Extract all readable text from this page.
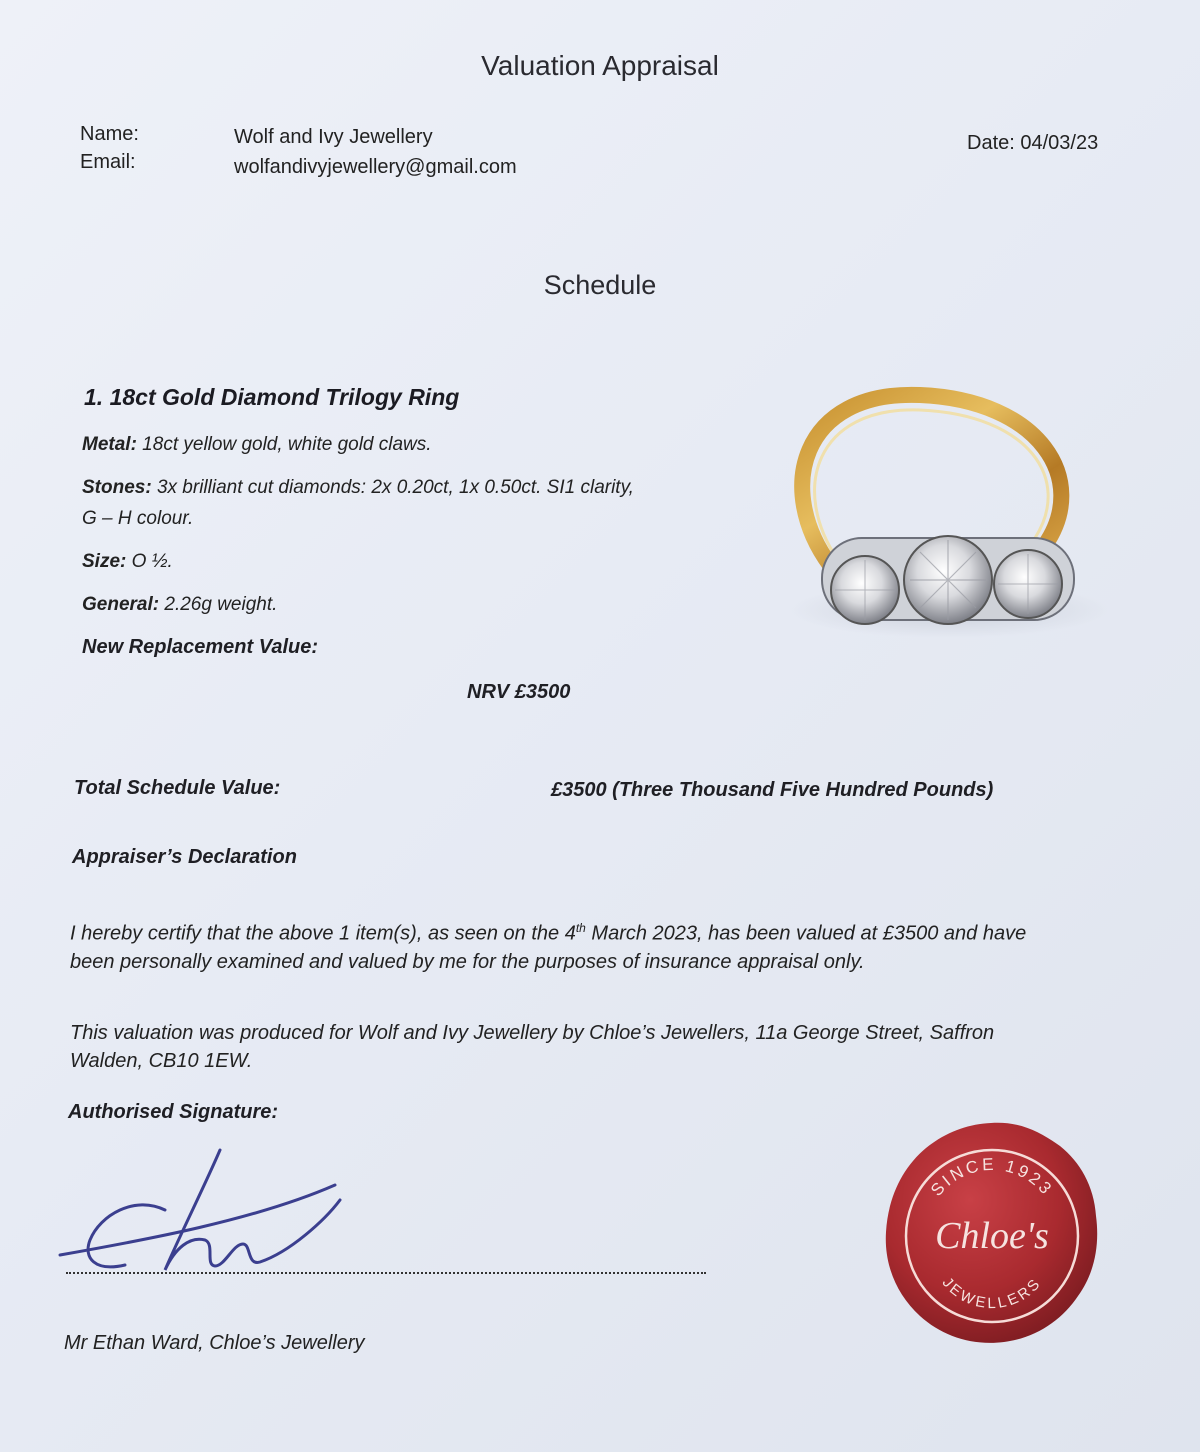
Valuation Appraisal
Name:	Wolf and Ivy Jewellery
Email:	wolfandivyjewellery@gmail.com
Date: 04/03/23
Schedule
1. 18ct Gold Diamond Trilogy Ring
Metal: 18ct yellow gold, white gold claws.
Stones: 3x brilliant cut diamonds: 2x 0.20ct, 1x 0.50ct. SI1 clarity,
G – H colour.
Size: O ½.
General: 2.26g weight.
New Replacement Value:
NRV £3500
Total Schedule Value:	£3500 (Three Thousand Five Hundred Pounds)
Appraiser’s Declaration
I hereby certify that the above 1 item(s), as seen on the 4th March 2023, has been valued at £3500 and have
been personally examined and valued by me for the purposes of insurance appraisal only.
This valuation was produced for Wolf and Ivy Jewellery by Chloe’s Jewellers, 11a George Street, Saffron
Walden, CB10 1EW.
Authorised Signature:
Mr Ethan Ward, Chloe’s Jewellery
SINCE 1923
Chloe's
JEWELLERS
